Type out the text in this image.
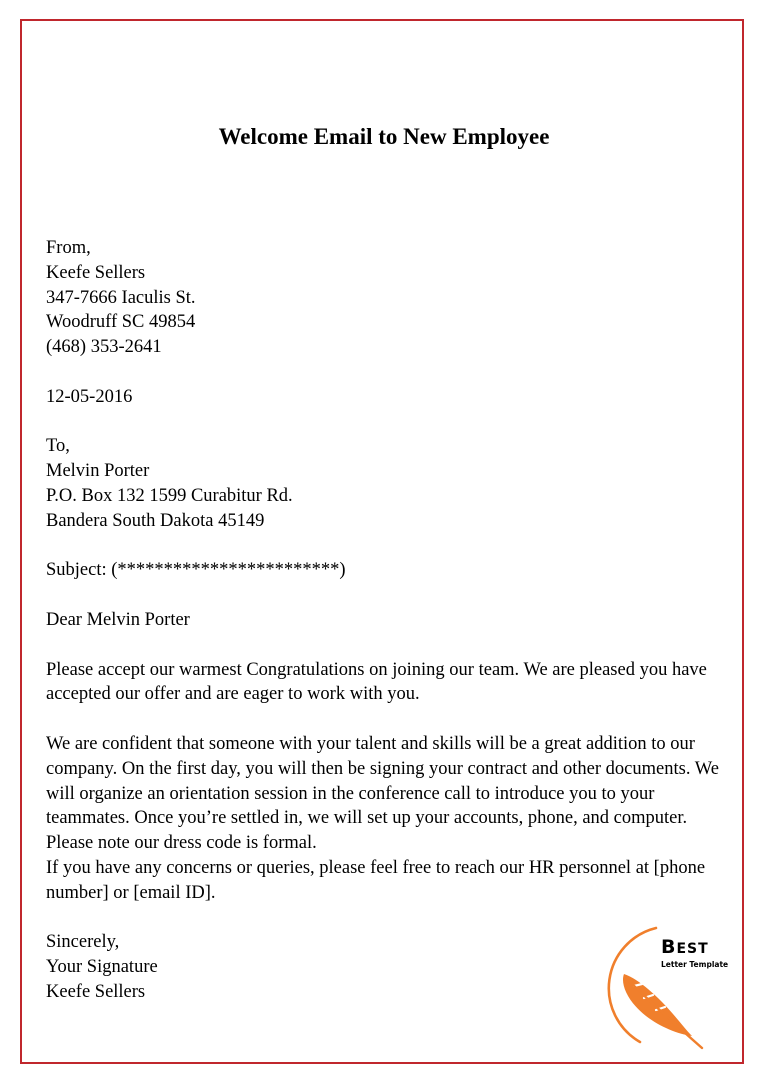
Welcome Email to New Employee
From,
Keefe Sellers
347-7666 Iaculis St.
Woodruff SC 49854
(468) 353-2641
12-05-2016
To,
Melvin Porter
P.O. Box 132 1599 Curabitur Rd.
Bandera South Dakota 45149
Subject: (************************)
Dear Melvin Porter
Please accept our warmest Congratulations on joining our team. We are pleased you have accepted our offer and are eager to work with you.
We are confident that someone with your talent and skills will be a great addition to our company. On the first day, you will then be signing your contract and other documents. We will organize an orientation session in the conference call to introduce you to your teammates. Once you’re settled in, we will set up your accounts, phone, and computer. Please note our dress code is formal.
If you have any concerns or queries, please feel free to reach our HR personnel at [phone number] or [email ID].
Sincerely,
Your Signature
Keefe Sellers
BEST
Letter Template
